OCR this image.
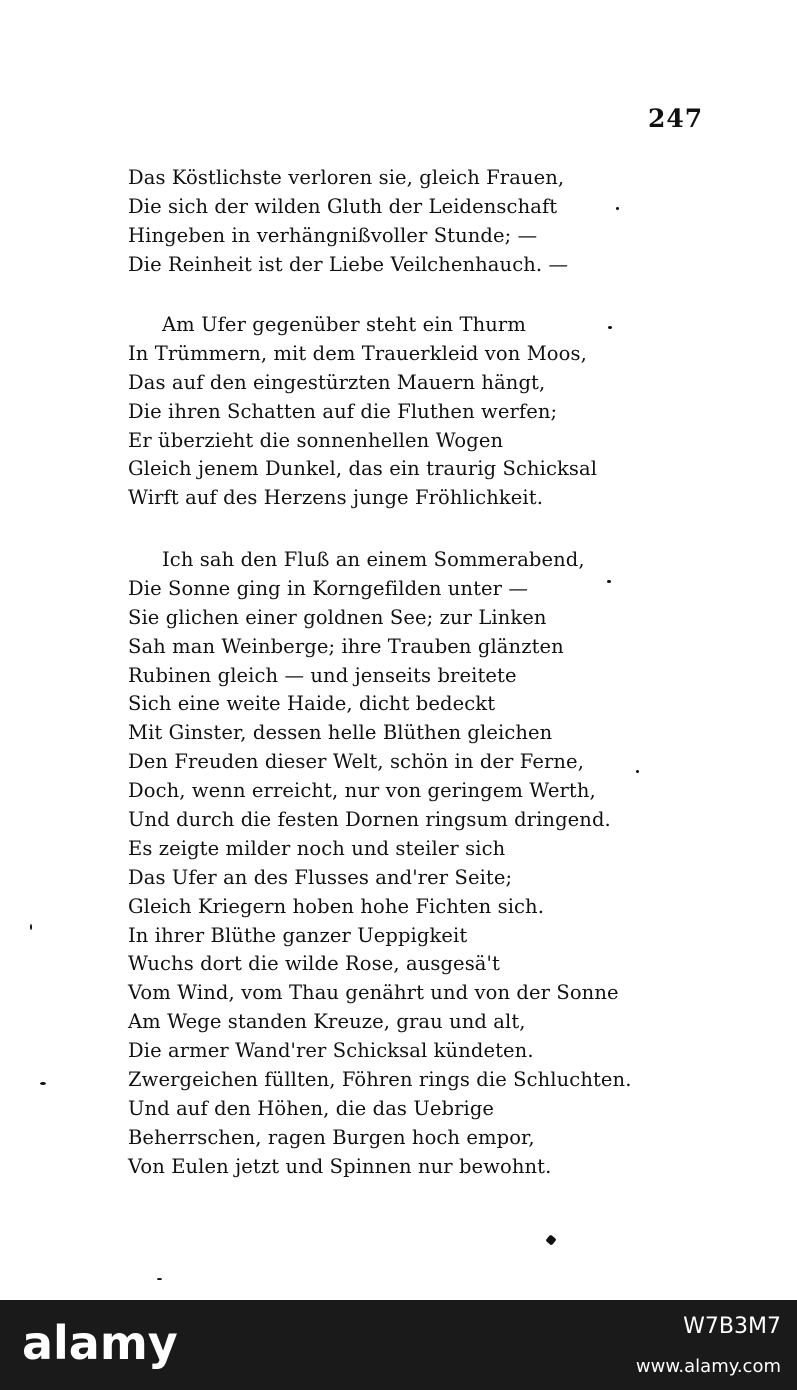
247
Das Köstlichste verloren sie, gleich Frauen,
Die sich der wilden Gluth der Leidenschaft
Hingeben in verhängnißvoller Stunde; —
Die Reinheit ist der Liebe Veilchenhauch. —
Am Ufer gegenüber steht ein Thurm
In Trümmern, mit dem Trauerkleid von Moos,
Das auf den eingestürzten Mauern hängt,
Die ihren Schatten auf die Fluthen werfen;
Er überzieht die sonnenhellen Wogen
Gleich jenem Dunkel, das ein traurig Schicksal
Wirft auf des Herzens junge Fröhlichkeit.
Ich sah den Fluß an einem Sommerabend,
Die Sonne ging in Korngefilden unter —
Sie glichen einer goldnen See; zur Linken
Sah man Weinberge; ihre Trauben glänzten
Rubinen gleich — und jenseits breitete
Sich eine weite Haide, dicht bedeckt
Mit Ginster, dessen helle Blüthen gleichen
Den Freuden dieser Welt, schön in der Ferne,
Doch, wenn erreicht, nur von geringem Werth,
Und durch die festen Dornen ringsum dringend.
Es zeigte milder noch und steiler sich
Das Ufer an des Flusses and'rer Seite;
Gleich Kriegern hoben hohe Fichten sich.
In ihrer Blüthe ganzer Ueppigkeit
Wuchs dort die wilde Rose, ausgesä't
Vom Wind, vom Thau genährt und von der Sonne
Am Wege standen Kreuze, grau und alt,
Die armer Wand'rer Schicksal kündeten.
Zwergeichen füllten, Föhren rings die Schluchten.
Und auf den Höhen, die das Uebrige
Beherrschen, ragen Burgen hoch empor,
Von Eulen jetzt und Spinnen nur bewohnt.
alamy	W7B3M7
www.alamy.com
